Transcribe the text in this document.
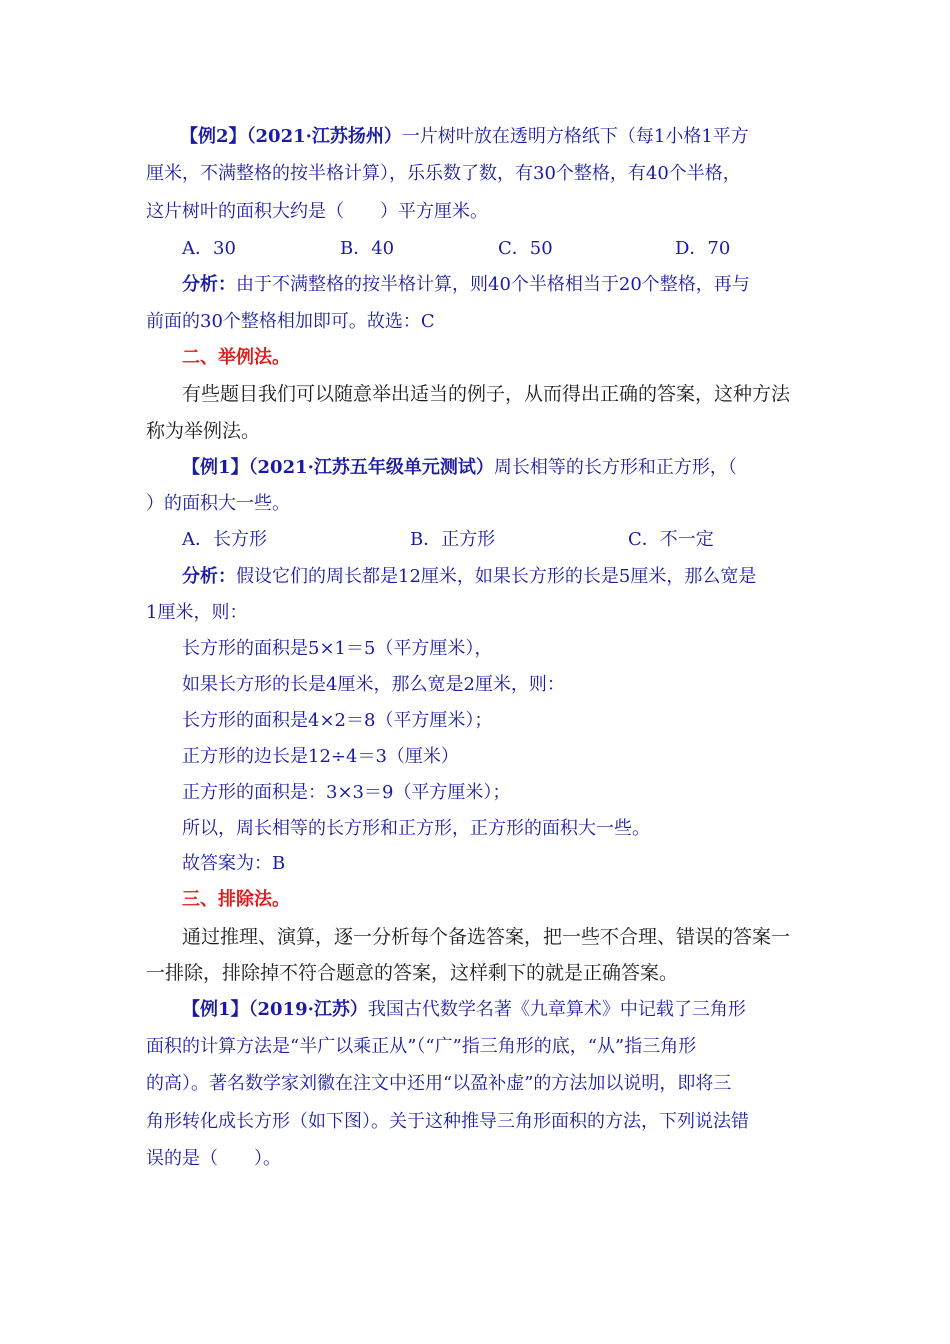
【例2】（2021·江苏扬州）一片树叶放在透明方格纸下（每1小格1平方
厘米，不满整格的按半格计算），乐乐数了数，有30个整格，有40个半格，
这片树叶的面积大约是（　　）平方厘米。
A．30	B．40	C．50	D．70
分析：由于不满整格的按半格计算，则40个半格相当于20个整格，再与
前面的30个整格相加即可。故选：C
二、举例法。
有些题目我们可以随意举出适当的例子，从而得出正确的答案，这种方法
称为举例法。
【例1】（2021·江苏五年级单元测试）周长相等的长方形和正方形，（
）的面积大一些。
A．长方形	B．正方形	C．不一定
分析：假设它们的周长都是12厘米，如果长方形的长是5厘米，那么宽是
1厘米，则：
长方形的面积是5×1＝5（平方厘米），
如果长方形的长是4厘米，那么宽是2厘米，则：
长方形的面积是4×2＝8（平方厘米）；
正方形的边长是12÷4＝3（厘米）
正方形的面积是：3×3＝9（平方厘米）；
所以，周长相等的长方形和正方形，正方形的面积大一些。
故答案为：B
三、排除法。
通过推理、演算，逐一分析每个备选答案，把一些不合理、错误的答案一
一排除，排除掉不符合题意的答案，这样剩下的就是正确答案。
【例1】（2019·江苏）我国古代数学名著《九章算术》中记载了三角形
面积的计算方法是“半广以乘正从”（“广”指三角形的底，“从”指三角形
的高）。著名数学家刘徽在注文中还用“以盈补虚”的方法加以说明，即将三
角形转化成长方形（如下图）。关于这种推导三角形面积的方法，下列说法错
误的是（　　）。
